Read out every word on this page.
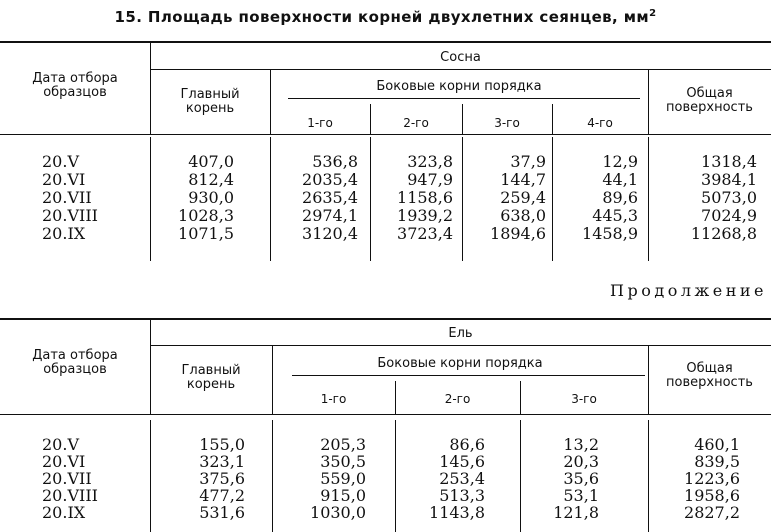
15. Площадь поверхности корней двухлетних сеянцев, $мм^2$
Дата отбора
образцов
Сосна
Главный
корень
Боковые корни порядка
1-го	2-го	3-го	4-го
Общая
поверхность
20.V	407,0	536,8	323,8	37,9	12,9	1318,4
20.VI	812,4	2035,4	947,9	144,7	44,1	3984,1
20.VII	930,0	2635,4	1158,6	259,4	89,6	5073,0
20.VIII	1028,3	2974,1	1939,2	638,0	445,3	7024,9
20.IX	1071,5	3120,4	3723,4	1894,6	1458,9	11268,8
Продолжение
Дата отбора
образцов
Ель
Главный
корень
Боковые корни порядка
1-го	2-го	3-го
Общая
поверхность
20.V	155,0	205,3	86,6	13,2	460,1
20.VI	323,1	350,5	145,6	20,3	839,5
20.VII	375,6	559,0	253,4	35,6	1223,6
20.VIII	477,2	915,0	513,3	53,1	1958,6
20.IX	531,6	1030,0	1143,8	121,8	2827,2
